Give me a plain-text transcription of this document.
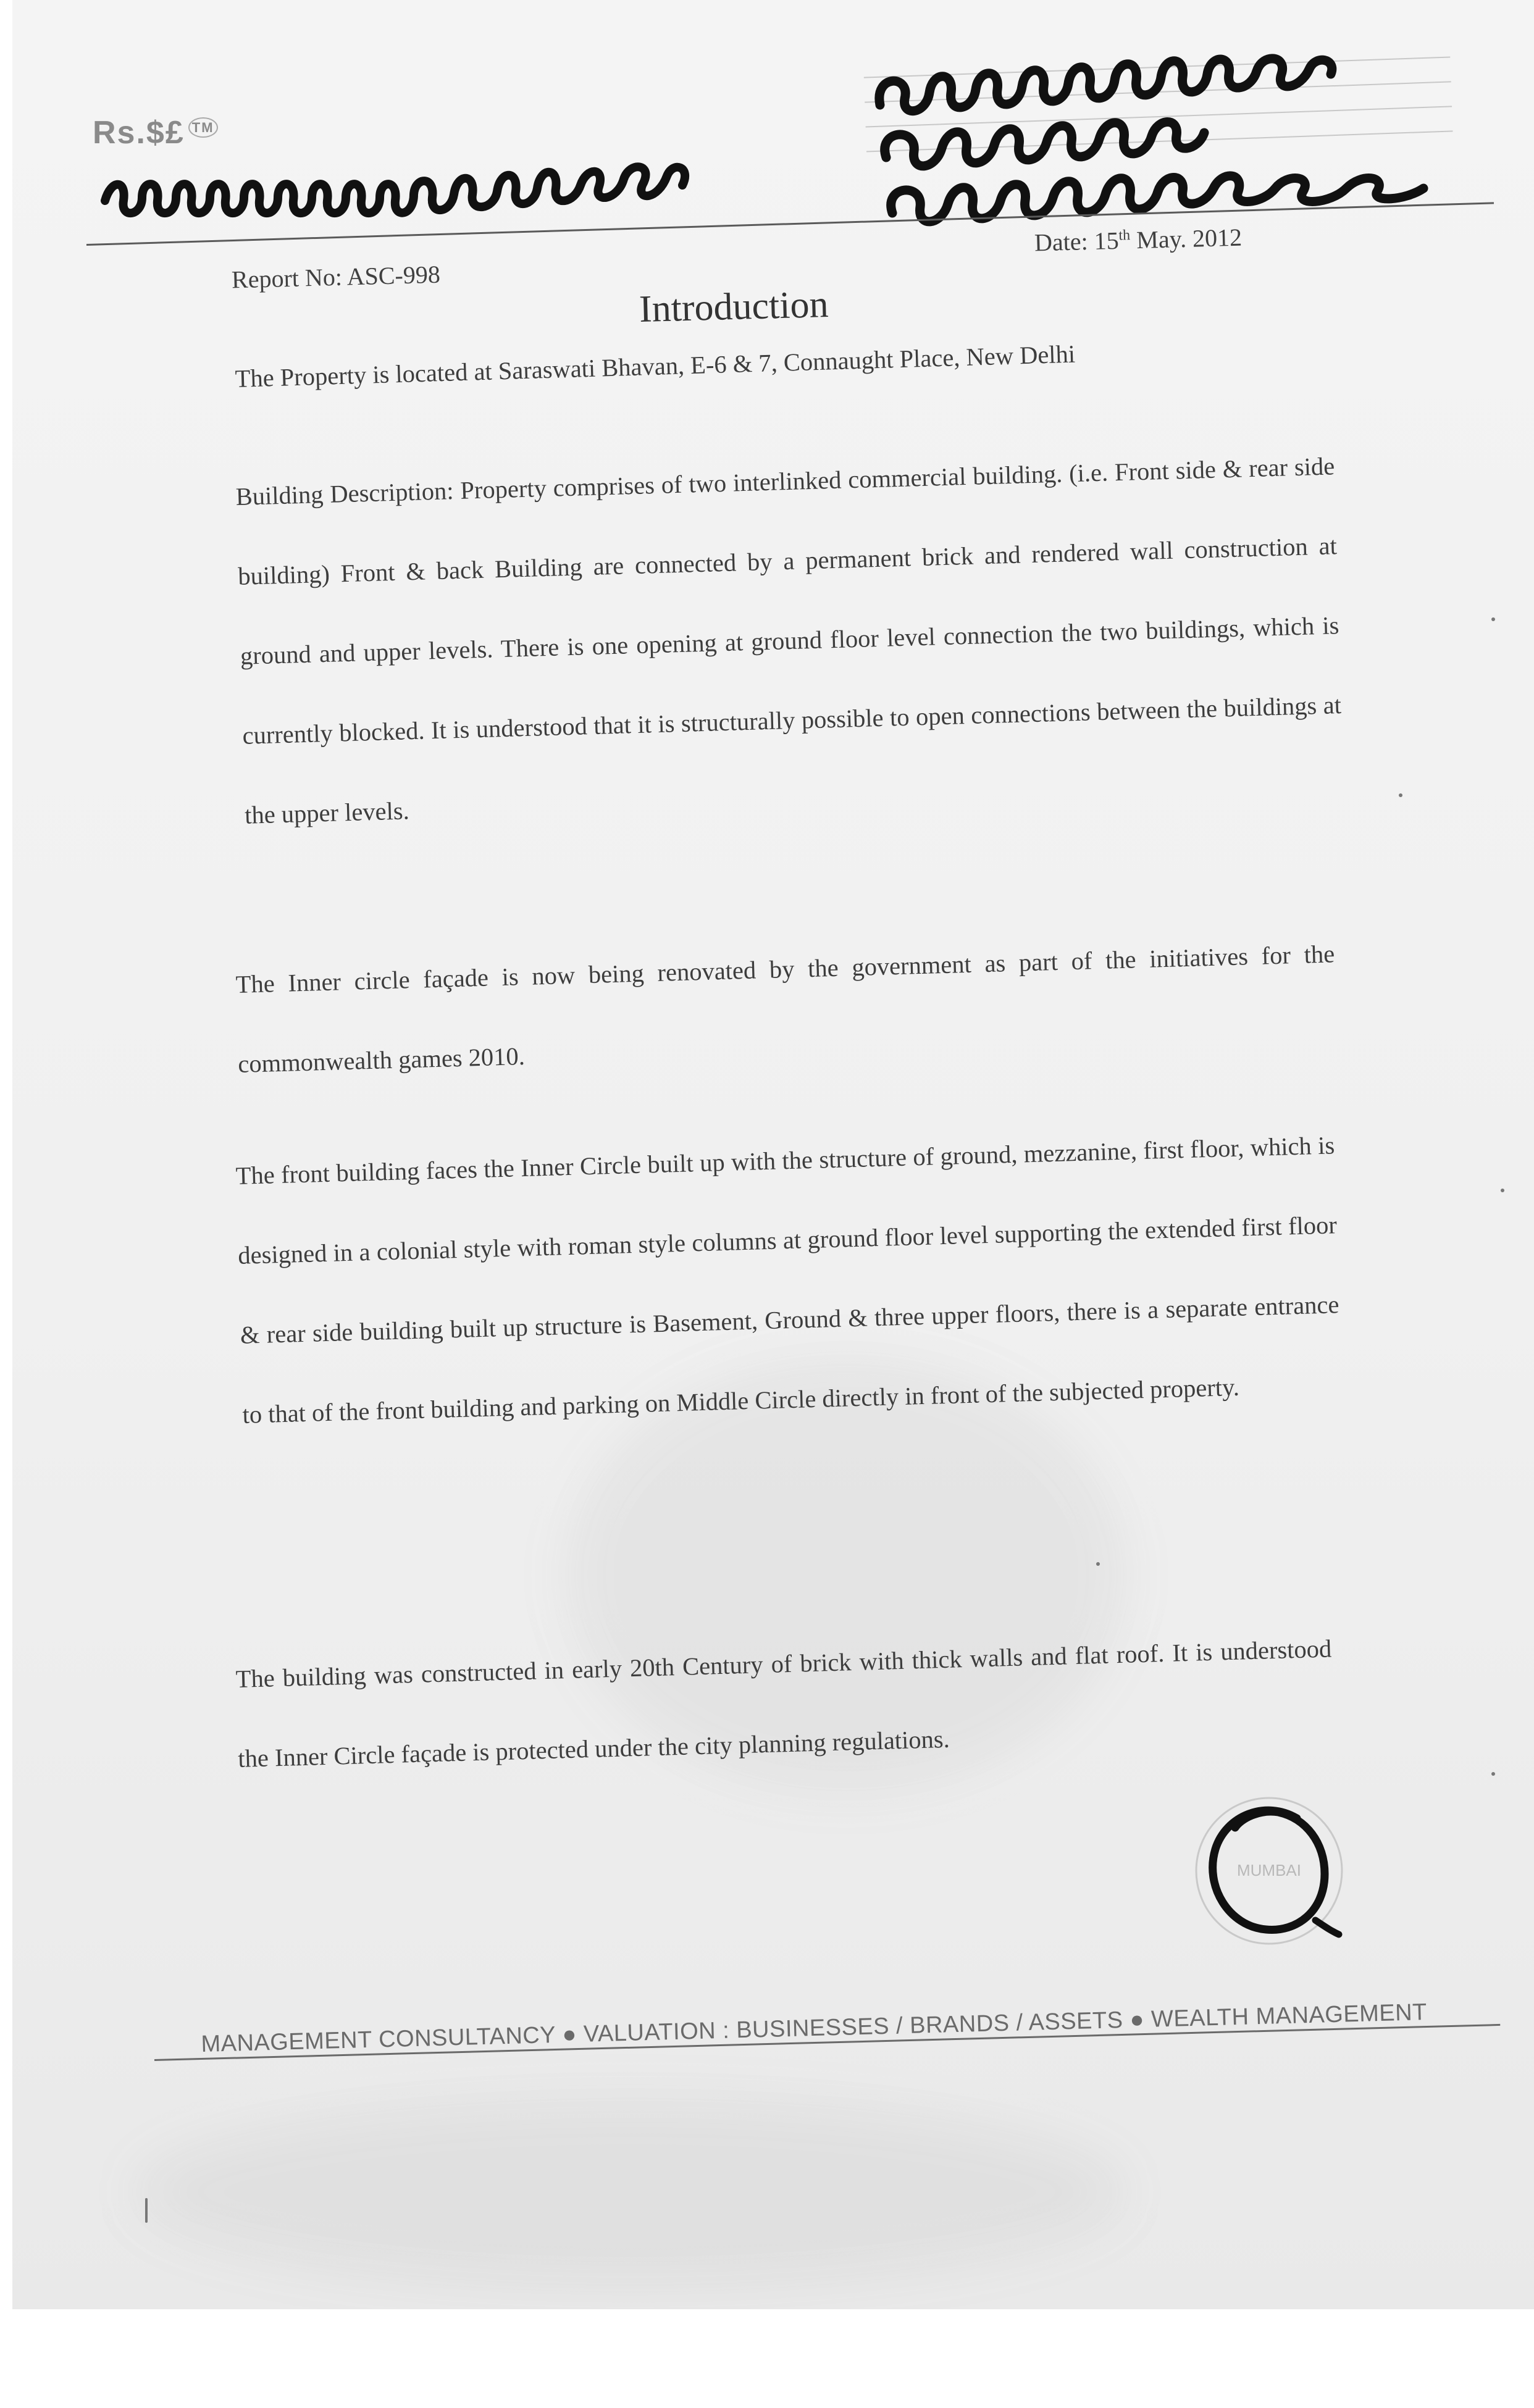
Rs.$£ ™
Report No: ASC-998
Date: 15th May. 2012
Introduction
The Property is located at Saraswati Bhavan, E-6 & 7, Connaught Place, New Delhi
Building Description: Property comprises of two interlinked commercial building. (i.e. Front side & rear side building) Front & back Building are connected by a permanent brick and rendered wall construction at ground and upper levels. There is one opening at ground floor level connection the two buildings, which is currently blocked. It is understood that it is structurally possible to open connections between the buildings at the upper levels.
The Inner circle façade is now being renovated by the government as part of the initiatives for the commonwealth games 2010.
The front building faces the Inner Circle built up with the structure of ground, mezzanine, first floor, which is designed in a colonial style with roman style columns at ground floor level supporting the extended first floor & rear side building built up structure is Basement, Ground & three upper floors, there is a separate entrance to that of the front building and parking on Middle Circle directly in front of the subjected property.
The building was constructed in early 20th Century of brick with thick walls and flat roof. It is understood the Inner Circle façade is protected under the city planning regulations.
MUMBAI
MANAGEMENT CONSULTANCY ● VALUATION : BUSINESSES / BRANDS / ASSETS ● WEALTH MANAGEMENT
